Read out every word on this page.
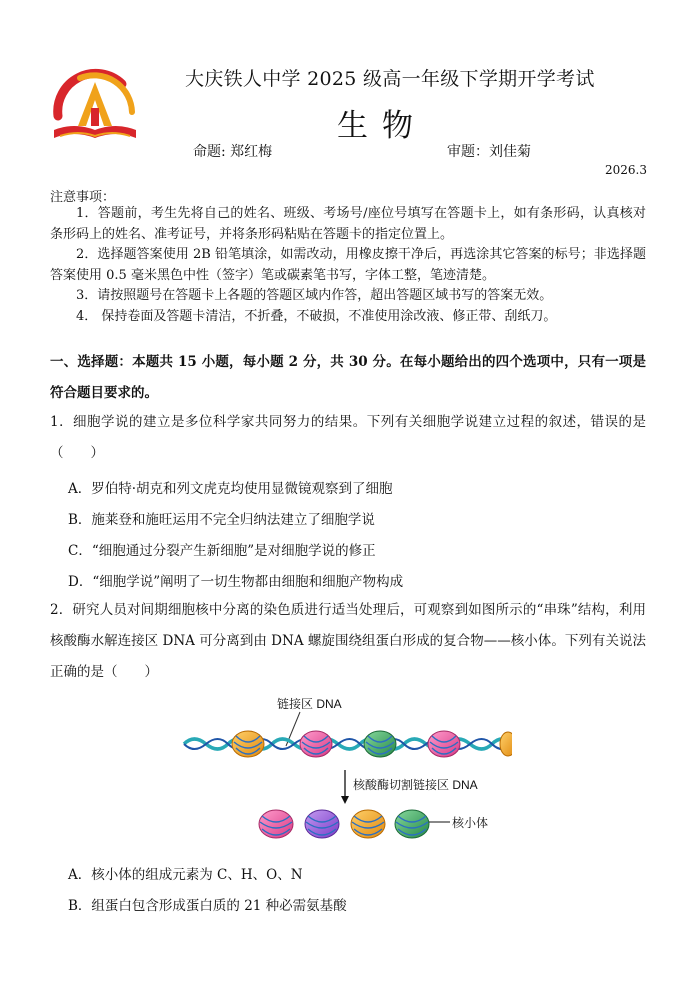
大庆铁人中学 2025 级高一年级下学期开学考试
生物
命题: 郑红梅	审题：刘佳菊
2026.3
注意事项：

1．答题前，考生先将自己的姓名、班级、考场号/座位号填写在答题卡上，如有条形码，认真核对条形码上的姓名、准考证号，并将条形码粘贴在答题卡的指定位置上。

2．选择题答案使用 2B 铅笔填涂，如需改动，用橡皮擦干净后，再选涂其它答案的标号；非选择题答案使用 0.5 毫米黑色中性（签字）笔或碳素笔书写，字体工整，笔迹清楚。

3．请按照题号在答题卡上各题的答题区域内作答，超出答题区域书写的答案无效。

4． 保持卷面及答题卡清洁，不折叠，不破损，不准使用涂改液、修正带、刮纸刀。

一、选择题：本题共 15 小题，每小题 2 分，共 30 分。在每小题给出的四个选项中，只有一项是符合题目要求的。
1．细胞学说的建立是多位科学家共同努力的结果。下列有关细胞学说建立过程的叙述，错误的是（　　）
A．罗伯特·胡克和列文虎克均使用显微镜观察到了细胞
B．施莱登和施旺运用不完全归纳法建立了细胞学说
C．“细胞通过分裂产生新细胞”是对细胞学说的修正
D．“细胞学说”阐明了一切生物都由细胞和细胞产物构成
2．研究人员对间期细胞核中分离的染色质进行适当处理后，可观察到如图所示的“串珠”结构，利用核酸酶水解连接区 DNA 可分离到由 DNA 螺旋围绕组蛋白形成的复合物——核小体。下列有关说法正确的是（　　）
链接区 DNA
核酸酶切割链接区 DNA
核小体
A．核小体的组成元素为 C、H、O、N
B．组蛋白包含形成蛋白质的 21 种必需氨基酸
